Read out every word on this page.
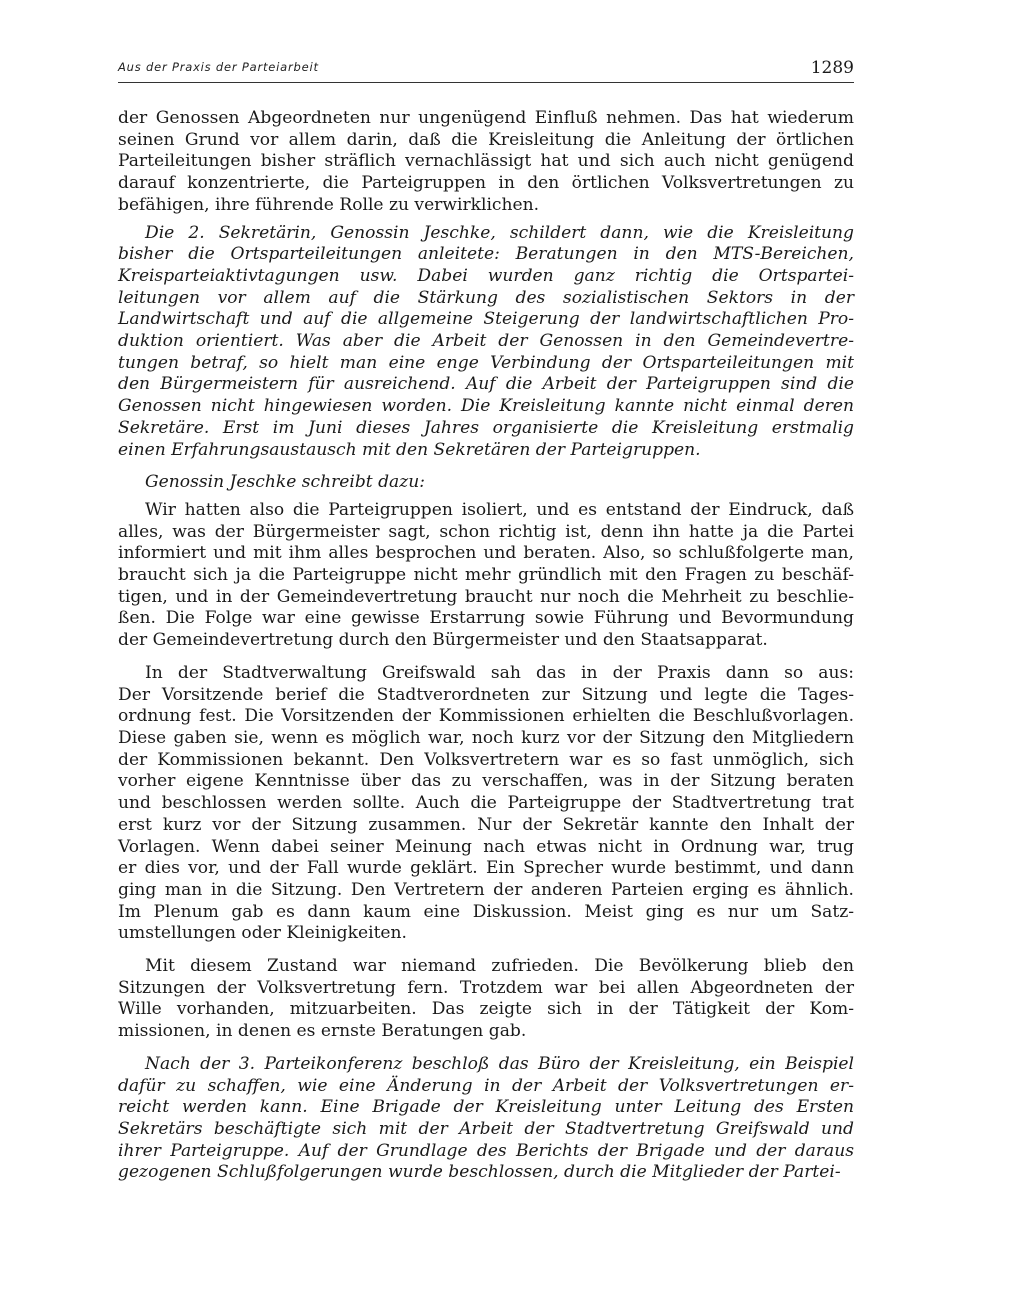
Aus der Praxis der Parteiarbeit	1289
der Genossen Abgeordneten nur ungenügend Einfluß nehmen. Das hat wiederum
seinen Grund vor allem darin, daß die Kreisleitung die Anleitung der örtlichen
Parteileitungen bisher sträflich vernachlässigt hat und sich auch nicht genügend
darauf konzentrierte, die Parteigruppen in den örtlichen Volksvertretungen zu
befähigen, ihre führende Rolle zu verwirklichen.
Die 2. Sekretärin, Genossin Jeschke, schildert dann, wie die Kreisleitung
bisher die Ortsparteileitungen anleitete: Beratungen in den MTS-Bereichen,
Kreisparteiaktivtagungen usw. Dabei wurden ganz richtig die Ortspartei-
leitungen vor allem auf die Stärkung des sozialistischen Sektors in der
Landwirtschaft und auf die allgemeine Steigerung der landwirtschaftlichen Pro-
duktion orientiert. Was aber die Arbeit der Genossen in den Gemeindevertre-
tungen betraf, so hielt man eine enge Verbindung der Ortsparteileitungen mit
den Bürgermeistern für ausreichend. Auf die Arbeit der Parteigruppen sind die
Genossen nicht hingewiesen worden. Die Kreisleitung kannte nicht einmal deren
Sekretäre. Erst im Juni dieses Jahres organisierte die Kreisleitung erstmalig
einen Erfahrungsaustausch mit den Sekretären der Parteigruppen.
Genossin Jeschke schreibt dazu:
Wir hatten also die Parteigruppen isoliert, und es entstand der Eindruck, daß
alles, was der Bürgermeister sagt, schon richtig ist, denn ihn hatte ja die Partei
informiert und mit ihm alles besprochen und beraten. Also, so schlußfolgerte man,
braucht sich ja die Parteigruppe nicht mehr gründlich mit den Fragen zu beschäf-
tigen, und in der Gemeindevertretung braucht nur noch die Mehrheit zu beschlie-
ßen. Die Folge war eine gewisse Erstarrung sowie Führung und Bevormundung
der Gemeindevertretung durch den Bürgermeister und den Staatsapparat.
In der Stadtverwaltung Greifswald sah das in der Praxis dann so aus:
Der Vorsitzende berief die Stadtverordneten zur Sitzung und legte die Tages-
ordnung fest. Die Vorsitzenden der Kommissionen erhielten die Beschlußvorlagen.
Diese gaben sie, wenn es möglich war, noch kurz vor der Sitzung den Mitgliedern
der Kommissionen bekannt. Den Volksvertretern war es so fast unmöglich, sich
vorher eigene Kenntnisse über das zu verschaffen, was in der Sitzung beraten
und beschlossen werden sollte. Auch die Parteigruppe der Stadtvertretung trat
erst kurz vor der Sitzung zusammen. Nur der Sekretär kannte den Inhalt der
Vorlagen. Wenn dabei seiner Meinung nach etwas nicht in Ordnung war, trug
er dies vor, und der Fall wurde geklärt. Ein Sprecher wurde bestimmt, und dann
ging man in die Sitzung. Den Vertretern der anderen Parteien erging es ähnlich.
Im Plenum gab es dann kaum eine Diskussion. Meist ging es nur um Satz-
umstellungen oder Kleinigkeiten.
Mit diesem Zustand war niemand zufrieden. Die Bevölkerung blieb den
Sitzungen der Volksvertretung fern. Trotzdem war bei allen Abgeordneten der
Wille vorhanden, mitzuarbeiten. Das zeigte sich in der Tätigkeit der Kom-
missionen, in denen es ernste Beratungen gab.
Nach der 3. Parteikonferenz beschloß das Büro der Kreisleitung, ein Beispiel
dafür zu schaffen, wie eine Änderung in der Arbeit der Volksvertretungen er-
reicht werden kann. Eine Brigade der Kreisleitung unter Leitung des Ersten
Sekretärs beschäftigte sich mit der Arbeit der Stadtvertretung Greifswald und
ihrer Parteigruppe. Auf der Grundlage des Berichts der Brigade und der daraus
gezogenen Schlußfolgerungen wurde beschlossen, durch die Mitglieder der Partei-
